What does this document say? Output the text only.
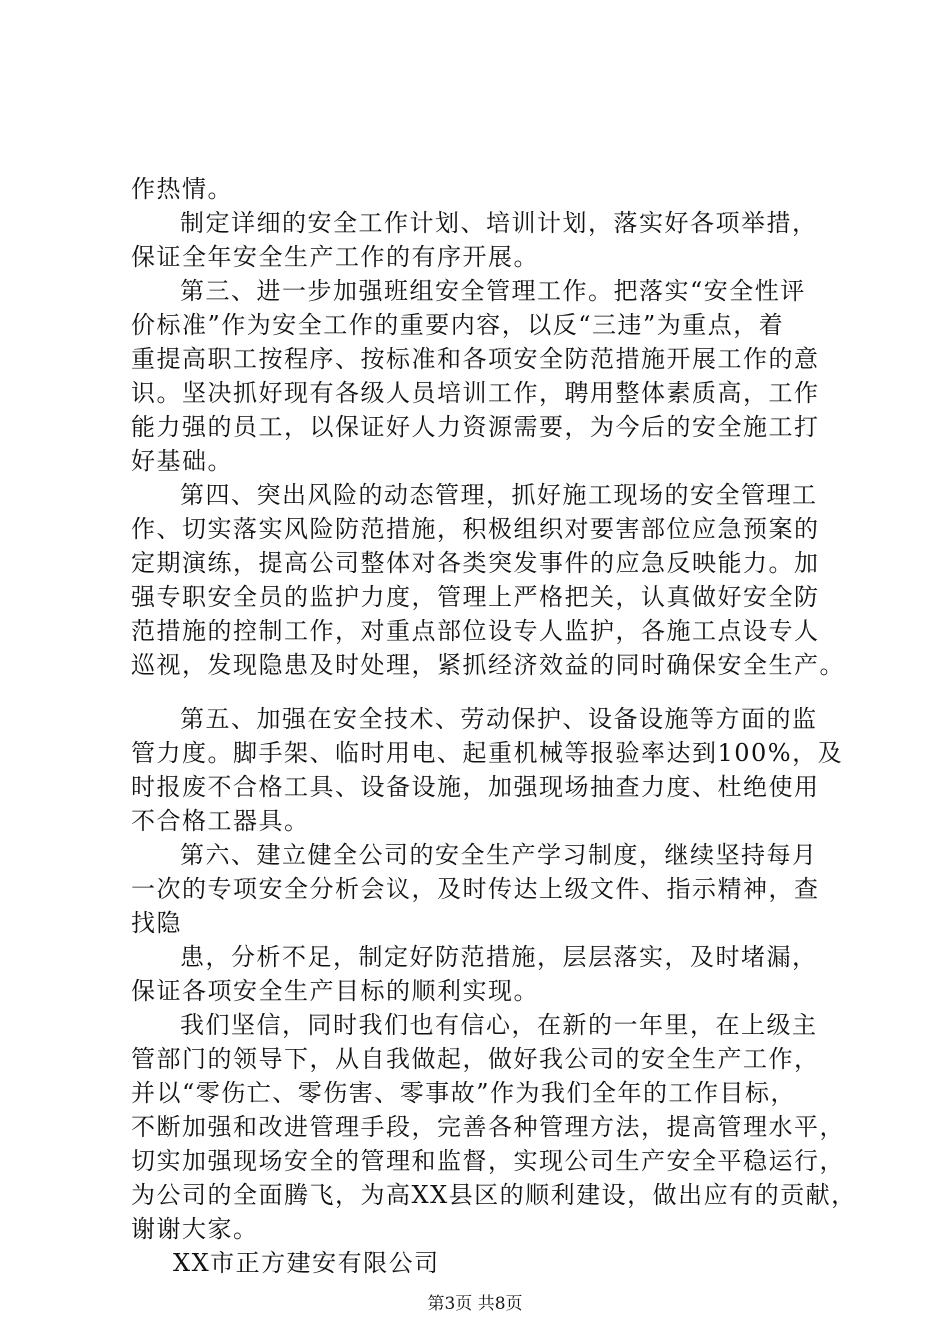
作热情。
制定详细的安全工作计划、培训计划，落实好各项举措，
保证全年安全生产工作的有序开展。
第三、进一步加强班组安全管理工作。把落实“安全性评
价标准”作为安全工作的重要内容，以反“三违”为重点，着
重提高职工按程序、按标准和各项安全防范措施开展工作的意
识。坚决抓好现有各级人员培训工作，聘用整体素质高，工作
能力强的员工，以保证好人力资源需要，为今后的安全施工打
好基础。
第四、突出风险的动态管理，抓好施工现场的安全管理工
作、切实落实风险防范措施，积极组织对要害部位应急预案的
定期演练，提高公司整体对各类突发事件的应急反映能力。加
强专职安全员的监护力度，管理上严格把关，认真做好安全防
范措施的控制工作，对重点部位设专人监护，各施工点设专人
巡视，发现隐患及时处理，紧抓经济效益的同时确保安全生产。
第五、加强在安全技术、劳动保护、设备设施等方面的监
管力度。脚手架、临时用电、起重机械等报验率达到100%，及
时报废不合格工具、设备设施，加强现场抽查力度、杜绝使用
不合格工器具。
第六、建立健全公司的安全生产学习制度，继续坚持每月
一次的专项安全分析会议，及时传达上级文件、指示精神，查
找隐
患，分析不足，制定好防范措施，层层落实，及时堵漏，
保证各项安全生产目标的顺利实现。
我们坚信，同时我们也有信心，在新的一年里，在上级主
管部门的领导下，从自我做起，做好我公司的安全生产工作，
并以“零伤亡、零伤害、零事故”作为我们全年的工作目标，
不断加强和改进管理手段，完善各种管理方法，提高管理水平，
切实加强现场安全的管理和监督，实现公司生产安全平稳运行，
为公司的全面腾飞，为高XX县区的顺利建设，做出应有的贡献，
谢谢大家。
XX市正方建安有限公司
第3页 共8页
